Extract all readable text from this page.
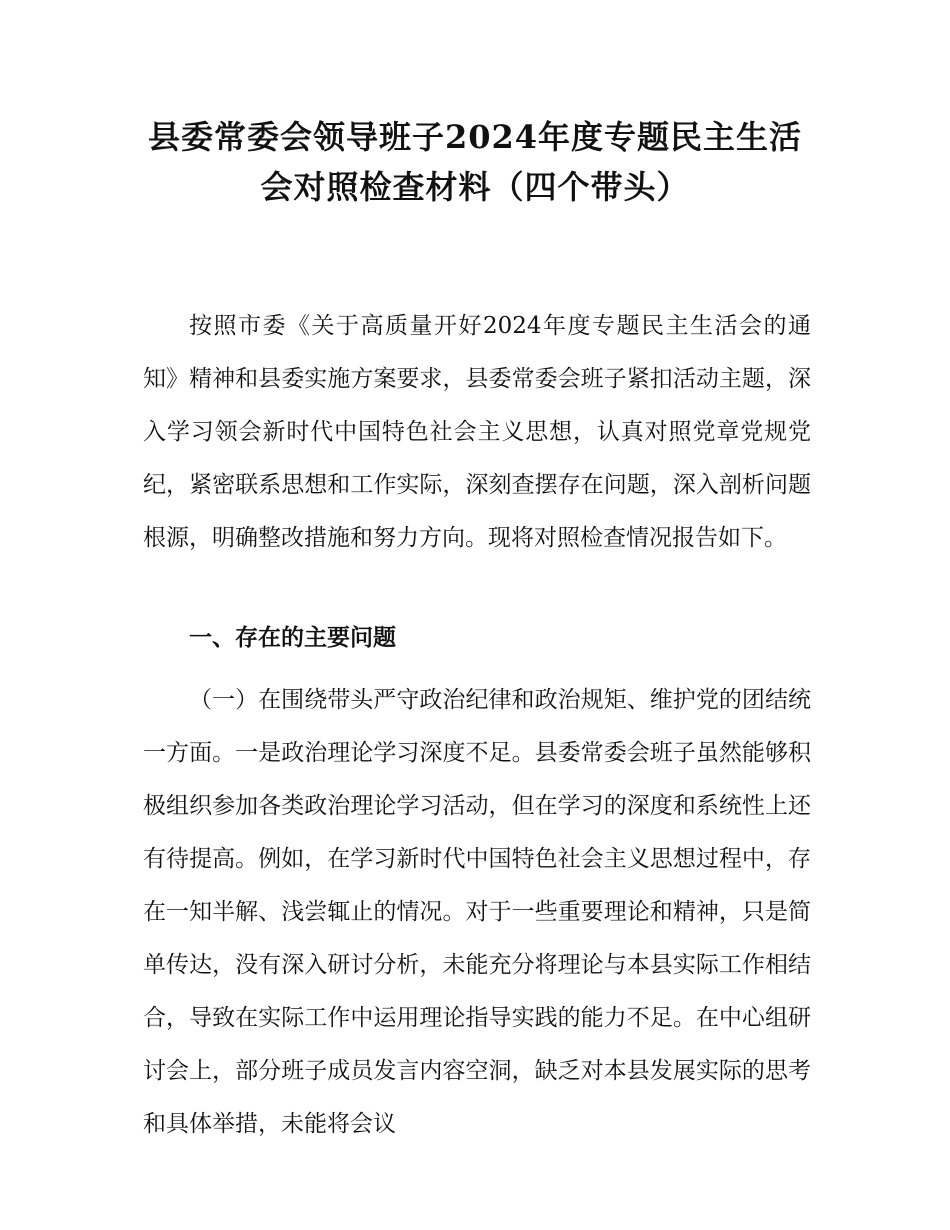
县委常委会领导班子2024年度专题民主生活
会对照检查材料（四个带头）

按照市委《关于高质量开好2024年度专题民主生活会的通知》精神和县委实施方案要求，县委常委会班子紧扣活动主题，深入学习领会新时代中国特色社会主义思想，认真对照党章党规党纪，紧密联系思想和工作实际，深刻查摆存在问题，深入剖析问题根源，明确整改措施和努力方向。现将对照检查情况报告如下。

一、存在的主要问题

（一）在围绕带头严守政治纪律和政治规矩、维护党的团结统一方面。一是政治理论学习深度不足。县委常委会班子虽然能够积极组织参加各类政治理论学习活动，但在学习的深度和系统性上还有待提高。例如，在学习新时代中国特色社会主义思想过程中，存在一知半解、浅尝辄止的情况。对于一些重要理论和精神，只是简单传达，没有深入研讨分析，未能充分将理论与本县实际工作相结合，导致在实际工作中运用理论指导实践的能力不足。在中心组研讨会上，部分班子成员发言内容空洞，缺乏对本县发展实际的思考和具体举措，未能将会议
